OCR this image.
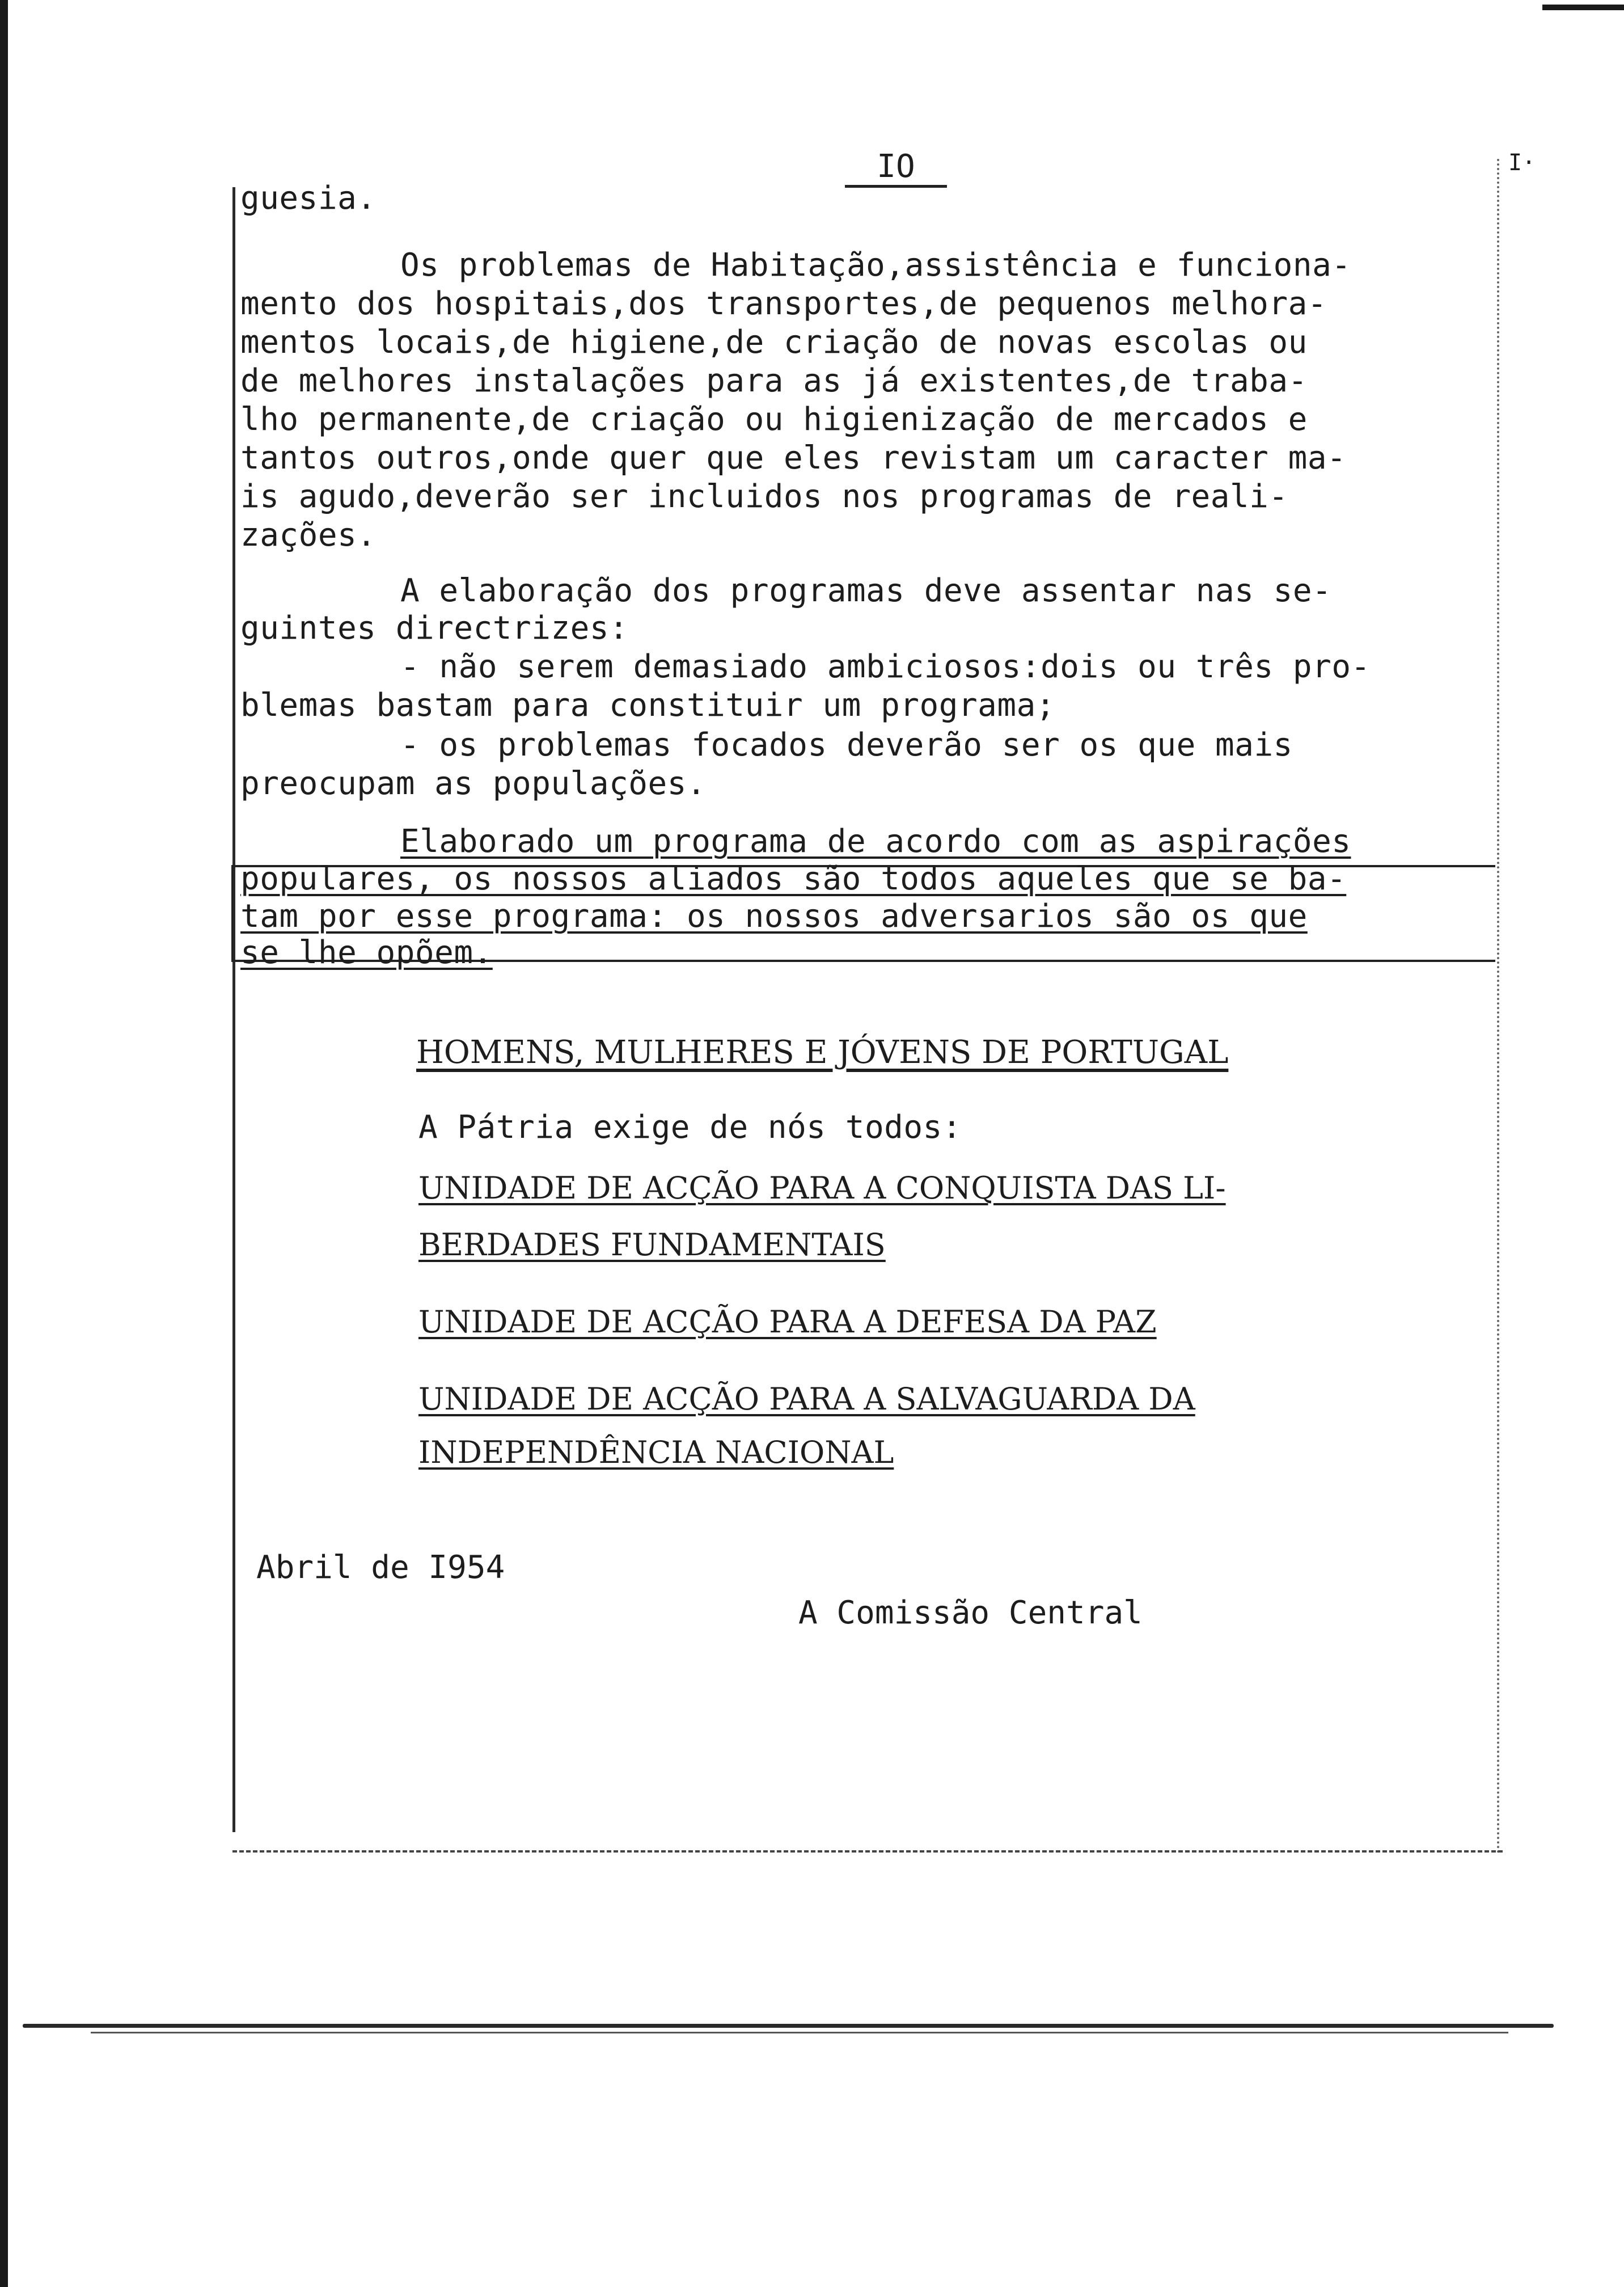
IO	I·
guesia.
Os problemas de Habitação,assistência e funciona-
mento dos hospitais,dos transportes,de pequenos melhora-
mentos locais,de higiene,de criação de novas escolas ou
de melhores instalações para as já existentes,de traba-
lho permanente,de criação ou higienização de mercados e
tantos outros,onde quer que eles revistam um caracter ma-
is agudo,deverão ser incluidos nos programas de reali-
zações.
A elaboração dos programas deve assentar nas se-
guintes directrizes:
- não serem demasiado ambiciosos:dois ou três pro-
blemas bastam para constituir um programa;
- os problemas focados deverão ser os que mais
preocupam as populações.
Elaborado um programa de acordo com as aspirações
populares, os nossos aliados são todos aqueles que se ba-
tam por esse programa: os nossos adversarios são os que
se lhe opõem.
HOMENS, MULHERES E JÓVENS DE PORTUGAL
A Pátria exige de nós todos:
UNIDADE DE ACÇÃO PARA A CONQUISTA DAS LI-
BERDADES FUNDAMENTAIS
UNIDADE DE ACÇÃO PARA A DEFESA DA PAZ
UNIDADE DE ACÇÃO PARA A SALVAGUARDA DA
INDEPENDÊNCIA NACIONAL
Abril de I954
A Comissão Central
